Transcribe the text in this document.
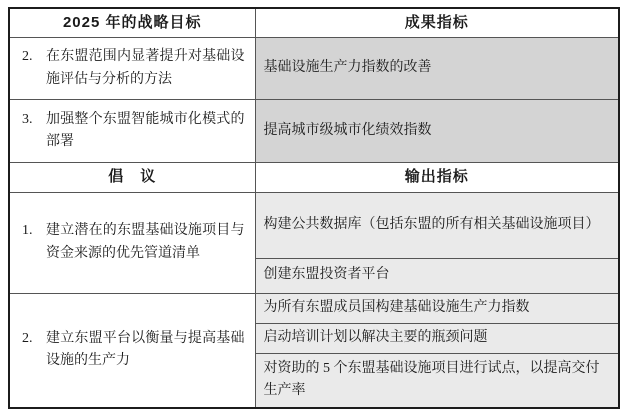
2025 年的战略目标	成果指标

2. 在东盟范围内显著提升对基础设施评估与分析的方法	基础设施生产力指数的改善

3. 加强整个东盟智能城市化模式的部署	提高城市级城市化绩效指数
倡　议	输出指标

1. 建立潜在的东盟基础设施项目与资金来源的优先管道清单	构建公共数据库（包括东盟的所有相关基础设施项目）
	创建东盟投资者平台

2. 建立东盟平台以衡量与提高基础设施的生产力	为所有东盟成员国构建基础设施生产力指数
	启动培训计划以解决主要的瓶颈问题
	对资助的 5 个东盟基础设施项目进行试点，以提高交付生产率
